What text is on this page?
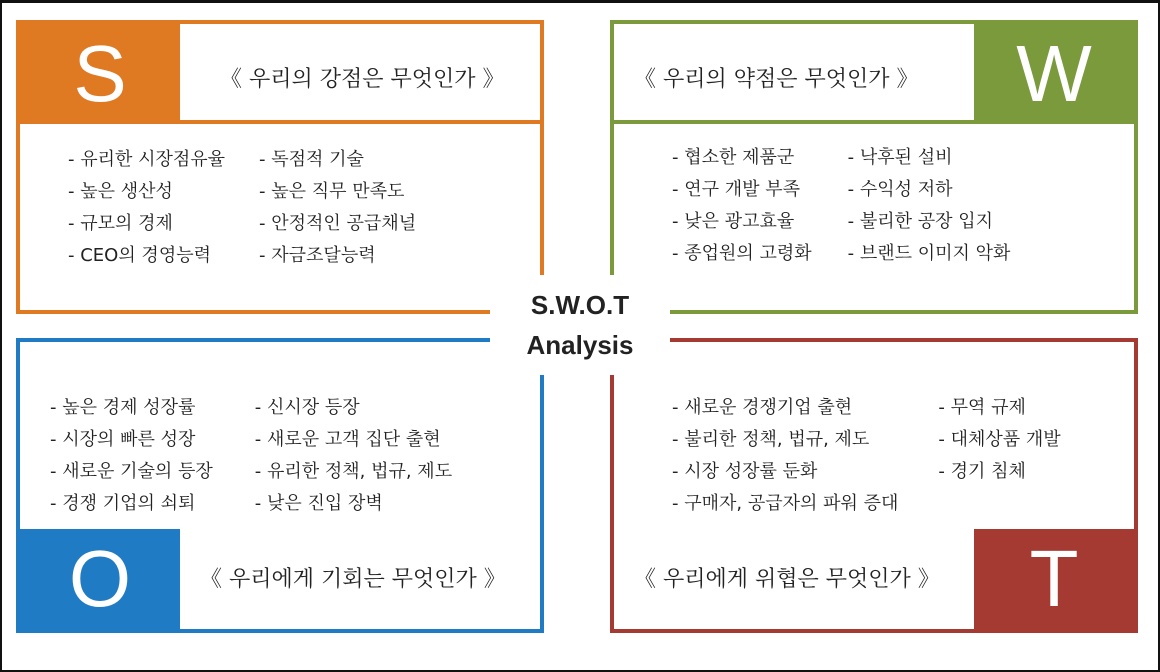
S	《 우리의 강점은 무엇인가 》
- 유리한 시장점유율
- 높은 생산성
- 규모의 경제
- CEO의 경영능력
- 독점적 기술
- 높은 직무 만족도
- 안정적인 공급채널
- 자금조달능력
W
《 우리의 약점은 무엇인가 》
- 협소한 제품군
- 연구 개발 부족
- 낮은 광고효율
- 종업원의 고령화
- 낙후된 설비
- 수익성 저하
- 불리한 공장 입지
- 브랜드 이미지 악화
O	《 우리에게 기회는 무엇인가 》
- 높은 경제 성장률
- 시장의 빠른 성장
- 새로운 기술의 등장
- 경쟁 기업의 쇠퇴
- 신시장 등장
- 새로운 고객 집단 출현
- 유리한 정책, 법규, 제도
- 낮은 진입 장벽
T
《 우리에게 위협은 무엇인가 》
- 새로운 경쟁기업 출현
- 불리한 정책, 법규, 제도
- 시장 성장률 둔화
- 구매자, 공급자의 파워 증대
- 무역 규제
- 대체상품 개발
- 경기 침체
S.W.O.T
Analysis
